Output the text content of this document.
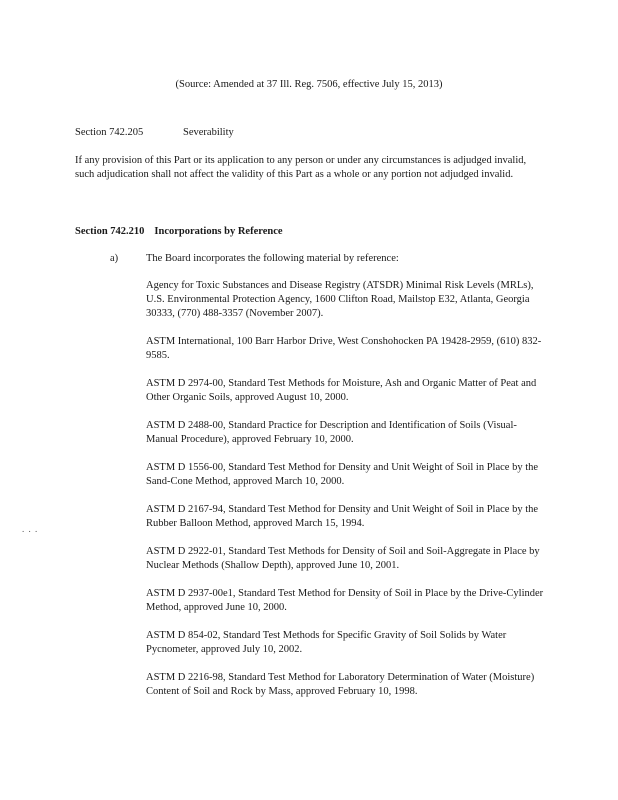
(Source: Amended at 37 Ill. Reg. 7506, effective July 15, 2013)
Section 742.205	Severability
If any provision of this Part or its application to any person or under any circumstances is adjudged invalid, such adjudication shall not affect the validity of this Part as a whole or any portion not adjudged invalid.
Section 742.210 Incorporations by Reference
a)	The Board incorporates the following material by reference:
Agency for Toxic Substances and Disease Registry (ATSDR) Minimal Risk Levels (MRLs), U.S. Environmental Protection Agency, 1600 Clifton Road, Mailstop E32, Atlanta, Georgia 30333, (770) 488-3357 (November 2007).
ASTM International, 100 Barr Harbor Drive, West Conshohocken PA 19428-2959, (610) 832-9585.
ASTM D 2974-00, Standard Test Methods for Moisture, Ash and Organic Matter of Peat and Other Organic Soils, approved August 10, 2000.
ASTM D 2488-00, Standard Practice for Description and Identification of Soils (Visual-Manual Procedure), approved February 10, 2000.
ASTM D 1556-00, Standard Test Method for Density and Unit Weight of Soil in Place by the Sand-Cone Method, approved March 10, 2000.
ASTM D 2167-94, Standard Test Method for Density and Unit Weight of Soil in Place by the Rubber Balloon Method, approved March 15, 1994.
ASTM D 2922-01, Standard Test Methods for Density of Soil and Soil-Aggregate in Place by Nuclear Methods (Shallow Depth), approved June 10, 2001.
ASTM D 2937-00e1, Standard Test Method for Density of Soil in Place by the Drive-Cylinder Method, approved June 10, 2000.
ASTM D 854-02, Standard Test Methods for Specific Gravity of Soil Solids by Water Pycnometer, approved July 10, 2002.
ASTM D 2216-98, Standard Test Method for Laboratory Determination of Water (Moisture) Content of Soil and Rock by Mass, approved February 10, 1998.
. . .
